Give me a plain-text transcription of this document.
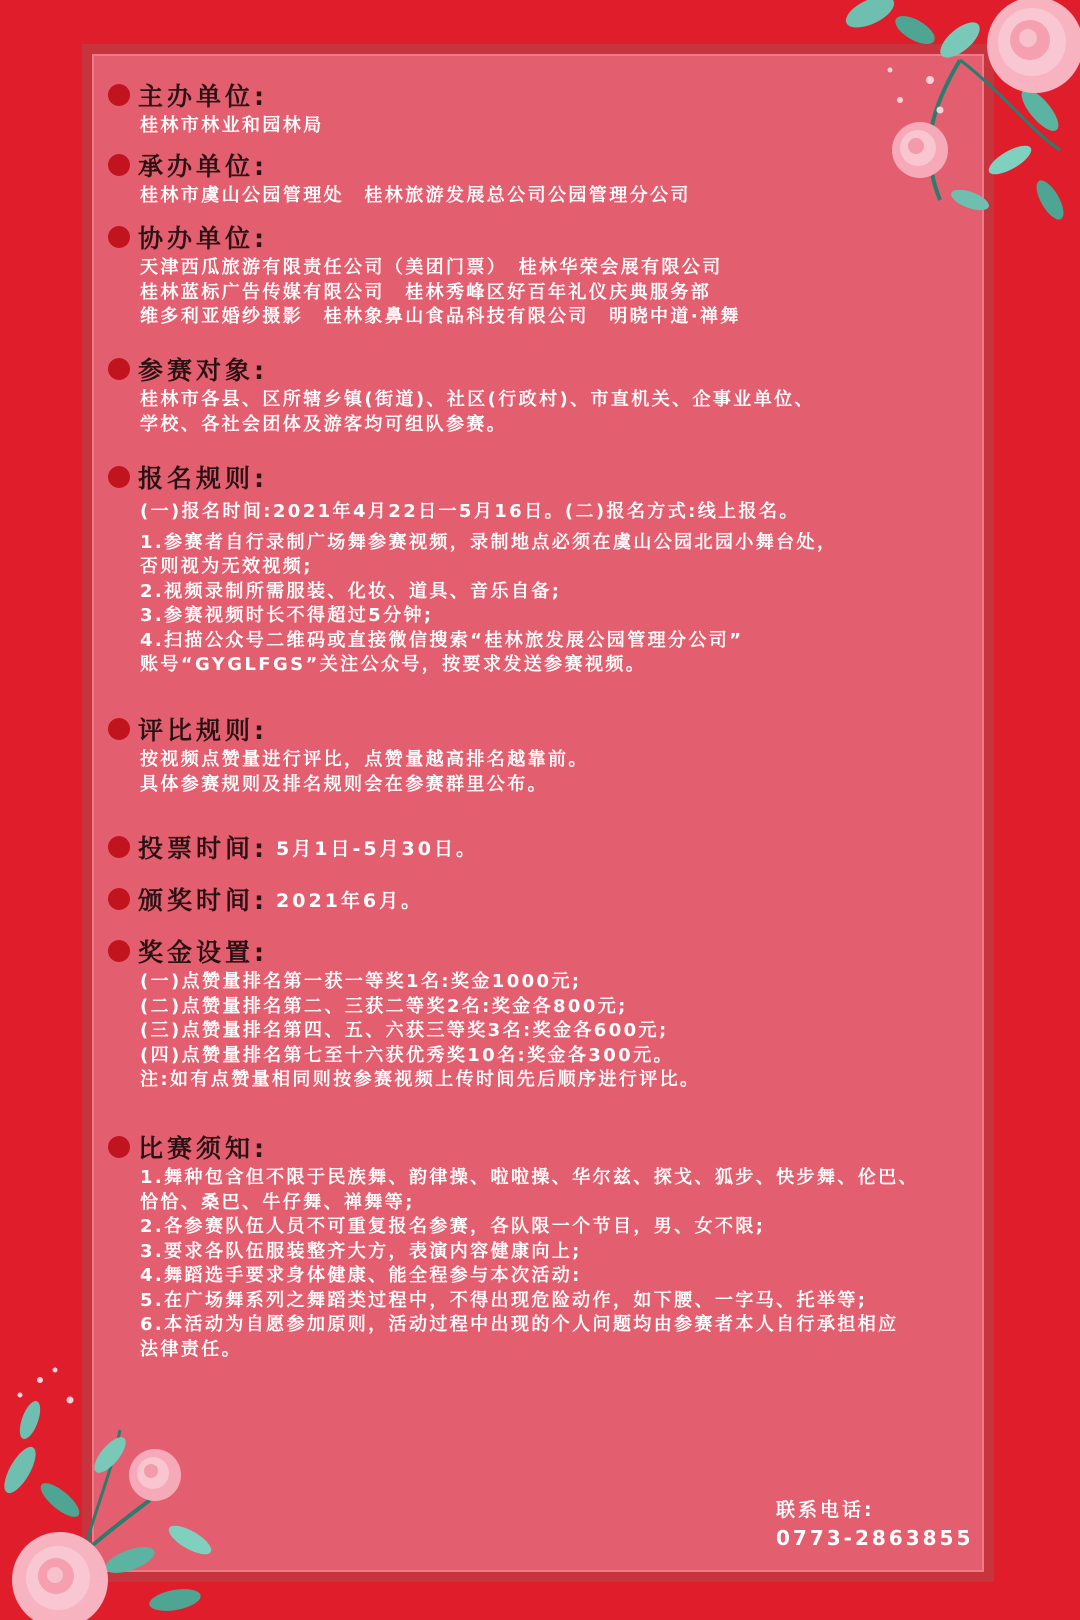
主办单位:
桂林市林业和园林局
承办单位:
桂林市虞山公园管理处　桂林旅游发展总公司公园管理分公司
协办单位:
天津西瓜旅游有限责任公司（美团门票）　桂林华荣会展有限公司
桂林蓝标广告传媒有限公司　桂林秀峰区好百年礼仪庆典服务部
维多利亚婚纱摄影　桂林象鼻山食品科技有限公司　明晓中道·禅舞
参赛对象:
桂林市各县、区所辖乡镇(街道)、社区(行政村)、市直机关、企事业单位、
学校、各社会团体及游客均可组队参赛。
报名规则:
(一)报名时间:2021年4月22日一5月16日。(二)报名方式:线上报名。
1.参赛者自行录制广场舞参赛视频，录制地点必须在虞山公园北园小舞台处，
否则视为无效视频;
2.视频录制所需服装、化妆、道具、音乐自备;
3.参赛视频时长不得超过5分钟;
4.扫描公众号二维码或直接微信搜索“桂林旅发展公园管理分公司”
账号“GYGLFGS”关注公众号，按要求发送参赛视频。
评比规则:
按视频点赞量进行评比，点赞量越高排名越靠前。
具体参赛规则及排名规则会在参赛群里公布。
投票时间: 5月1日-5月30日。
颁奖时间: 2021年6月。
奖金设置:
(一)点赞量排名第一获一等奖1名:奖金1000元;
(二)点赞量排名第二、三获二等奖2名:奖金各800元;
(三)点赞量排名第四、五、六获三等奖3名:奖金各600元;
(四)点赞量排名第七至十六获优秀奖10名:奖金各300元。
注:如有点赞量相同则按参赛视频上传时间先后顺序进行评比。
比赛须知:
1.舞种包含但不限于民族舞、韵律操、啦啦操、华尔兹、探戈、狐步、快步舞、伦巴、
恰恰、桑巴、牛仔舞、禅舞等;
2.各参赛队伍人员不可重复报名参赛，各队限一个节目，男、女不限;
3.要求各队伍服装整齐大方，表演内容健康向上;
4.舞蹈选手要求身体健康、能全程参与本次活动:
5.在广场舞系列之舞蹈类过程中，不得出现危险动作，如下腰、一字马、托举等;
6.本活动为自愿参加原则，活动过程中出现的个人问题均由参赛者本人自行承担相应
法律责任。
联系电话:
0773-2863855
